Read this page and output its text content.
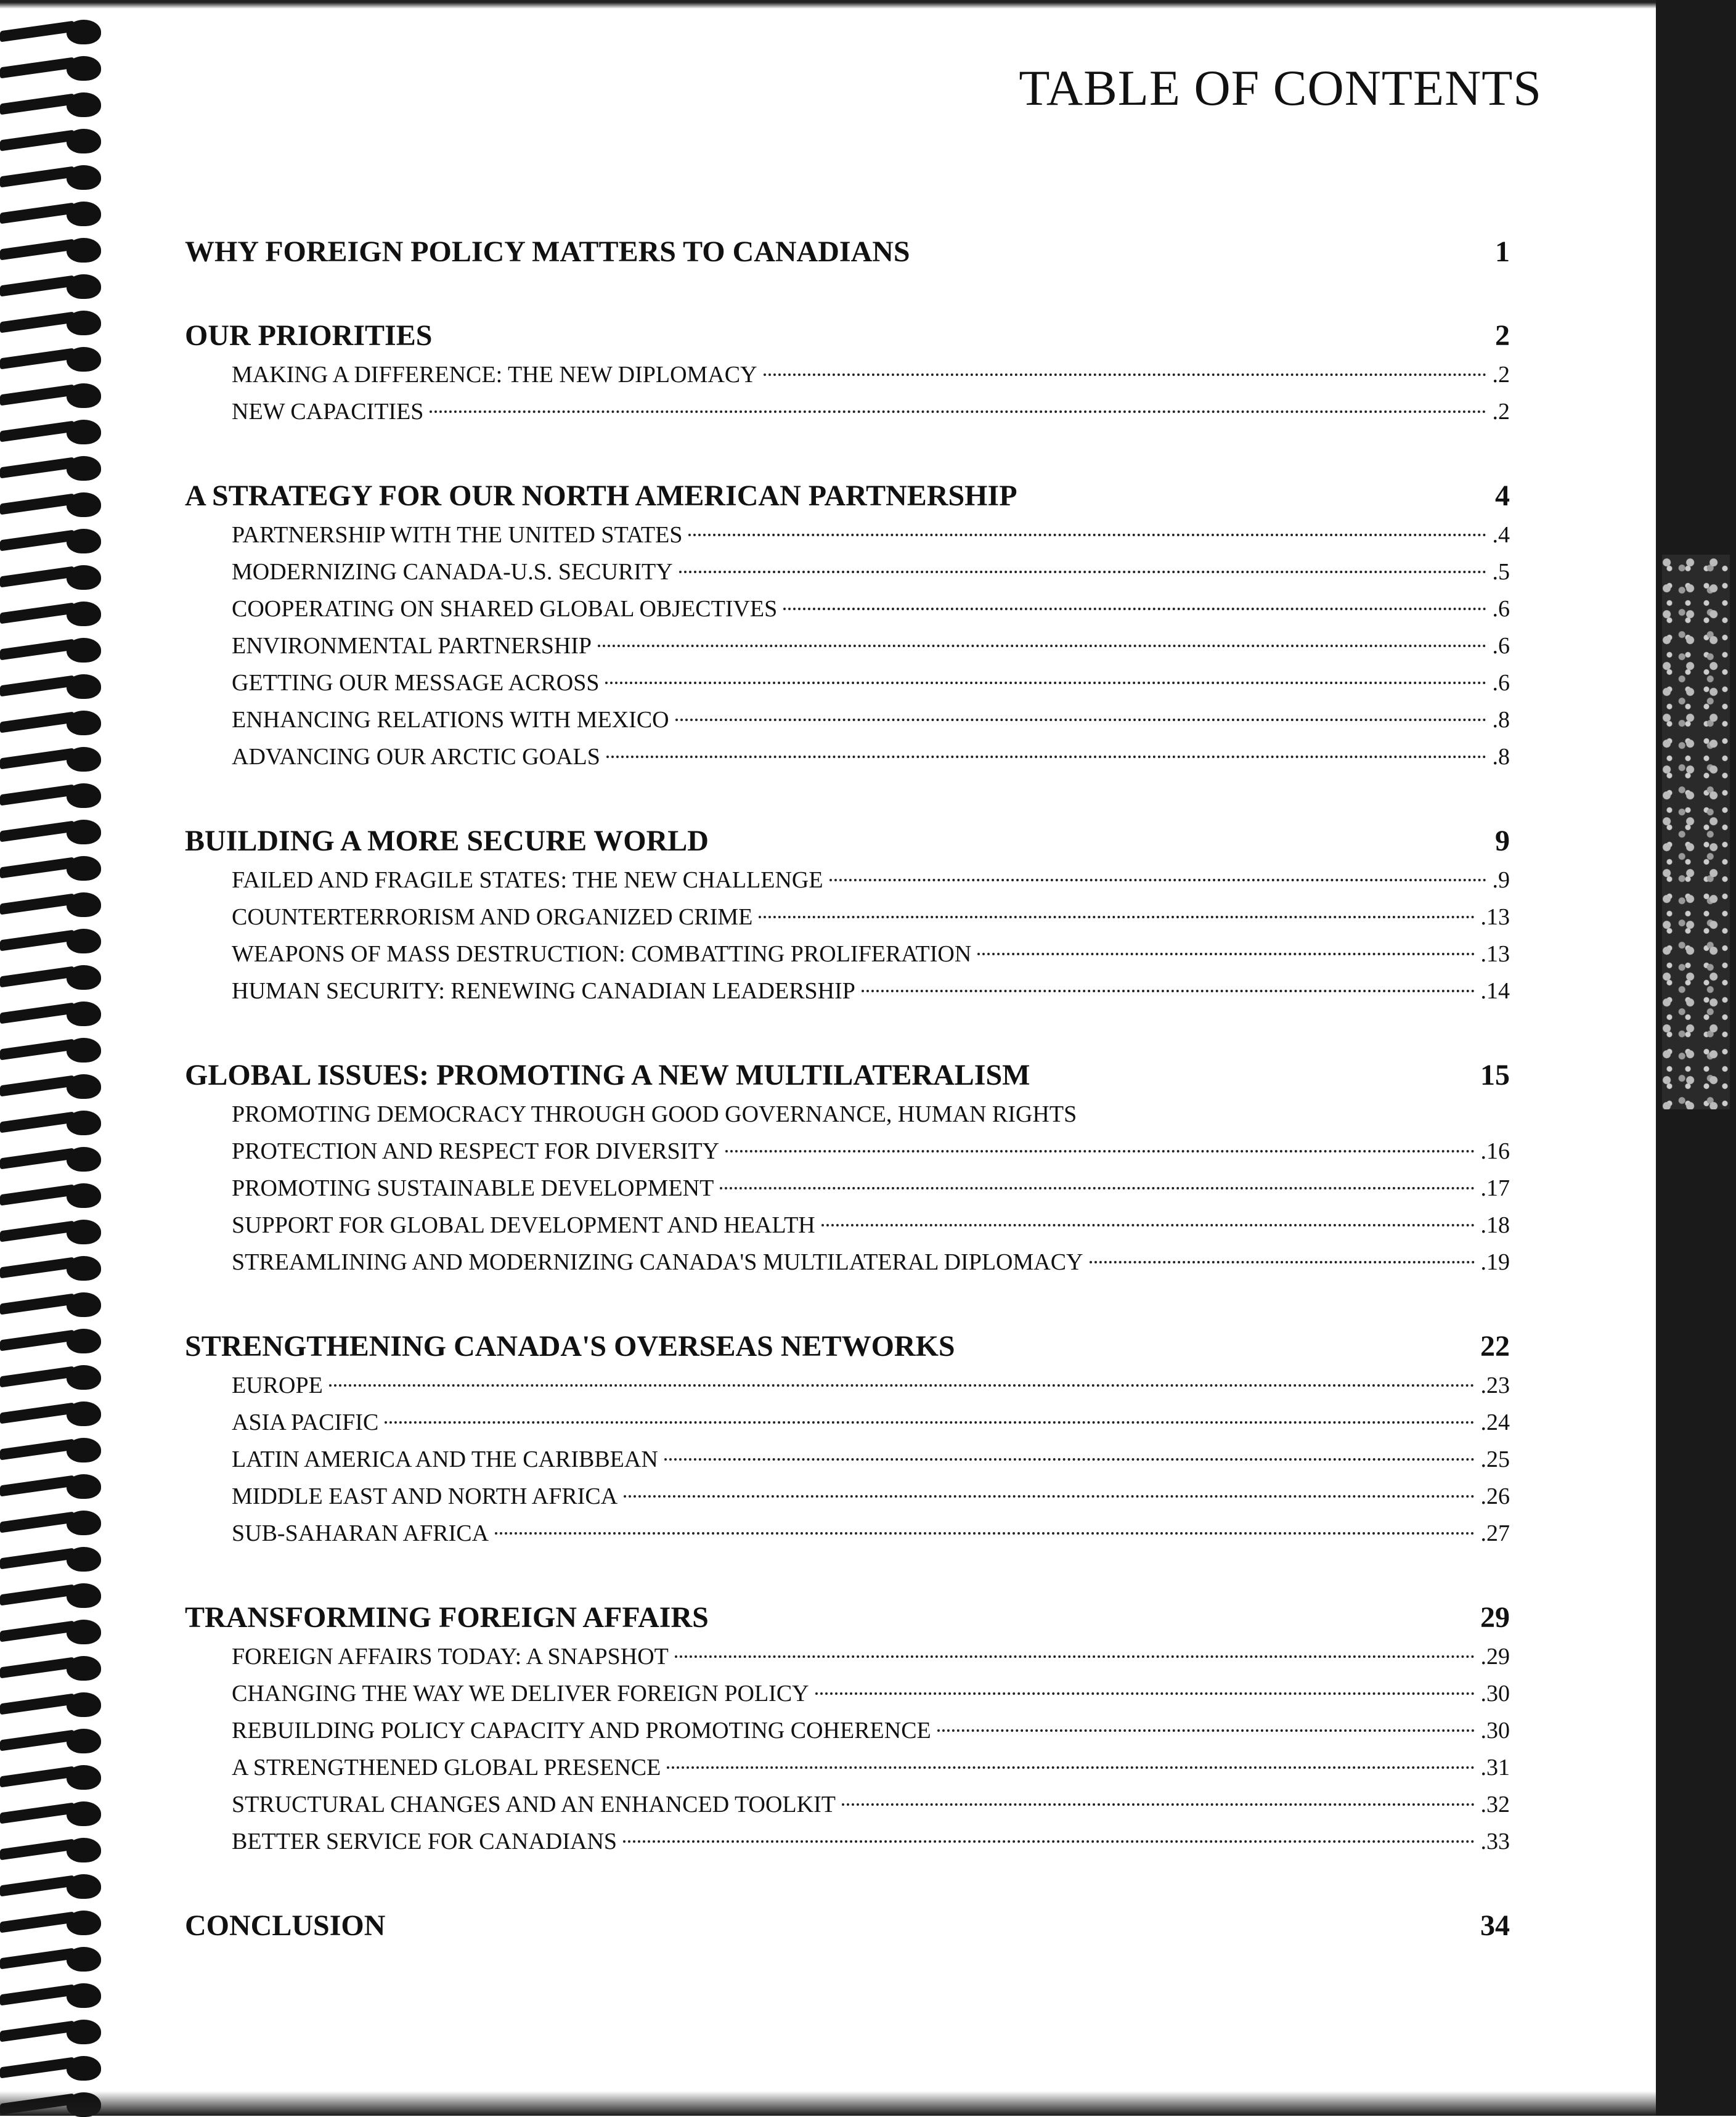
TABLE OF CONTENTS
WHY FOREIGN POLICY MATTERS TO CANADIANS	1
OUR PRIORITIES	2
MAKING A DIFFERENCE: THE NEW DIPLOMACY	.2
NEW CAPACITIES	.2
A STRATEGY FOR OUR NORTH AMERICAN PARTNERSHIP	4
PARTNERSHIP WITH THE UNITED STATES	.4
MODERNIZING CANADA-U.S. SECURITY	.5
COOPERATING ON SHARED GLOBAL OBJECTIVES	.6
ENVIRONMENTAL PARTNERSHIP	.6
GETTING OUR MESSAGE ACROSS	.6
ENHANCING RELATIONS WITH MEXICO	.8
ADVANCING OUR ARCTIC GOALS	.8
BUILDING A MORE SECURE WORLD	9
FAILED AND FRAGILE STATES: THE NEW CHALLENGE	.9
COUNTERTERRORISM AND ORGANIZED CRIME	.13
WEAPONS OF MASS DESTRUCTION: COMBATTING PROLIFERATION	.13
HUMAN SECURITY: RENEWING CANADIAN LEADERSHIP	.14
GLOBAL ISSUES: PROMOTING A NEW MULTILATERALISM	15
PROMOTING DEMOCRACY THROUGH GOOD GOVERNANCE, HUMAN RIGHTS
PROTECTION AND RESPECT FOR DIVERSITY	.16
PROMOTING SUSTAINABLE DEVELOPMENT	.17
SUPPORT FOR GLOBAL DEVELOPMENT AND HEALTH	.18
STREAMLINING AND MODERNIZING CANADA'S MULTILATERAL DIPLOMACY	.19
STRENGTHENING CANADA'S OVERSEAS NETWORKS	22
EUROPE	.23
ASIA PACIFIC	.24
LATIN AMERICA AND THE CARIBBEAN	.25
MIDDLE EAST AND NORTH AFRICA	.26
SUB-SAHARAN AFRICA	.27
TRANSFORMING FOREIGN AFFAIRS	29
FOREIGN AFFAIRS TODAY: A SNAPSHOT	.29
CHANGING THE WAY WE DELIVER FOREIGN POLICY	.30
REBUILDING POLICY CAPACITY AND PROMOTING COHERENCE	.30
A STRENGTHENED GLOBAL PRESENCE	.31
STRUCTURAL CHANGES AND AN ENHANCED TOOLKIT	.32
BETTER SERVICE FOR CANADIANS	.33
CONCLUSION	34
